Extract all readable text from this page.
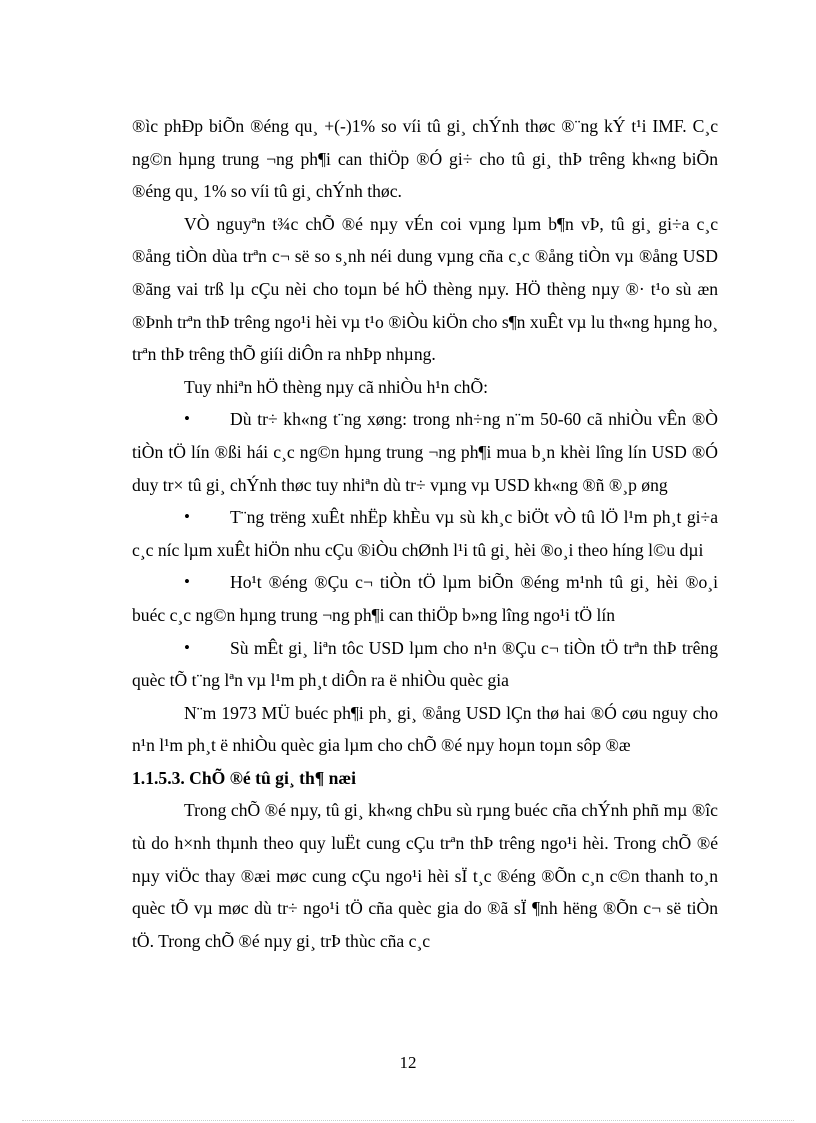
®ìc phÐp biÕn ®éng qu¸ +(-)1% so víi tû gi¸ chÝnh thøc ®¨ng kÝ t¹i IMF. C¸c ng©n hµng trung ¬ng ph¶i can thiÖp ®Ó gi÷ cho tû gi¸ thÞ trêng kh«ng biÕn ®éng qu¸ 1% so víi tû gi¸ chÝnh thøc.

VÒ nguyªn t¾c chÕ ®é nµy vÉn coi vµng lµm b¶n vÞ, tû gi¸ gi÷a c¸c ®ång tiÒn dùa trªn c¬ së so s¸nh néi dung vµng cña c¸c ®ång tiÒn vµ ®ång USD ®ãng vai trß lµ cÇu nèi cho toµn bé hÖ thèng nµy. HÖ thèng nµy ®· t¹o sù æn ®Þnh trªn thÞ trêng ngo¹i hèi vµ t¹o ®iÒu kiÖn cho s¶n xuÊt vµ lu th«ng hµng ho¸ trªn thÞ trêng thÕ giíi diÔn ra nhÞp nhµng.

Tuy nhiªn hÖ thèng nµy cã nhiÒu h¹n chÕ:

• Dù tr÷ kh«ng t¨ng xøng: trong nh÷ng n¨m 50-60 cã nhiÒu vÊn ®Ò tiÒn tÖ lín ®ßi hái c¸c ng©n hµng trung ¬ng ph¶i mua b¸n khèi lîng lín USD ®Ó duy tr× tû gi¸ chÝnh thøc tuy nhiªn dù tr÷ vµng vµ USD kh«ng ®ñ ®¸p øng

• T¨ng trëng xuÊt nhËp khÈu vµ sù kh¸c biÖt vÒ tû lÖ l¹m ph¸t gi÷a c¸c níc lµm xuÊt hiÖn nhu cÇu ®iÒu chØnh l¹i tû gi¸ hèi ®o¸i theo híng l©u dµi

• Ho¹t ®éng ®Çu c¬ tiÒn tÖ lµm biÕn ®éng m¹nh tû gi¸ hèi ®o¸i buéc c¸c ng©n hµng trung ¬ng ph¶i can thiÖp b»ng lîng ngo¹i tÖ lín

• Sù mÊt gi¸ liªn tôc USD lµm cho n¹n ®Çu c¬ tiÒn tÖ trªn thÞ trêng quèc tÕ t¨ng lªn vµ l¹m ph¸t diÔn ra ë nhiÒu quèc gia

N¨m 1973 MÜ buéc ph¶i ph¸ gi¸ ®ång USD lÇn thø hai ®Ó cøu nguy cho n¹n l¹m ph¸t ë nhiÒu quèc gia lµm cho chÕ ®é nµy hoµn toµn sôp ®æ

1.1.5.3. ChÕ ®é tû gi¸ th¶ næi

Trong chÕ ®é nµy, tû gi¸ kh«ng chÞu sù rµng buéc cña chÝnh phñ mµ ®îc tù do h×nh thµnh theo quy luËt cung cÇu trªn thÞ trêng ngo¹i hèi. Trong chÕ ®é nµy viÖc thay ®æi møc cung cÇu ngo¹i hèi sÏ t¸c ®éng ®Õn c¸n c©n thanh to¸n quèc tÕ vµ møc dù tr÷ ngo¹i tÖ cña quèc gia do ®ã sÏ ¶nh hëng ®Õn c¬ së tiÒn tÖ. Trong chÕ ®é nµy gi¸ trÞ thùc cña c¸c

12
